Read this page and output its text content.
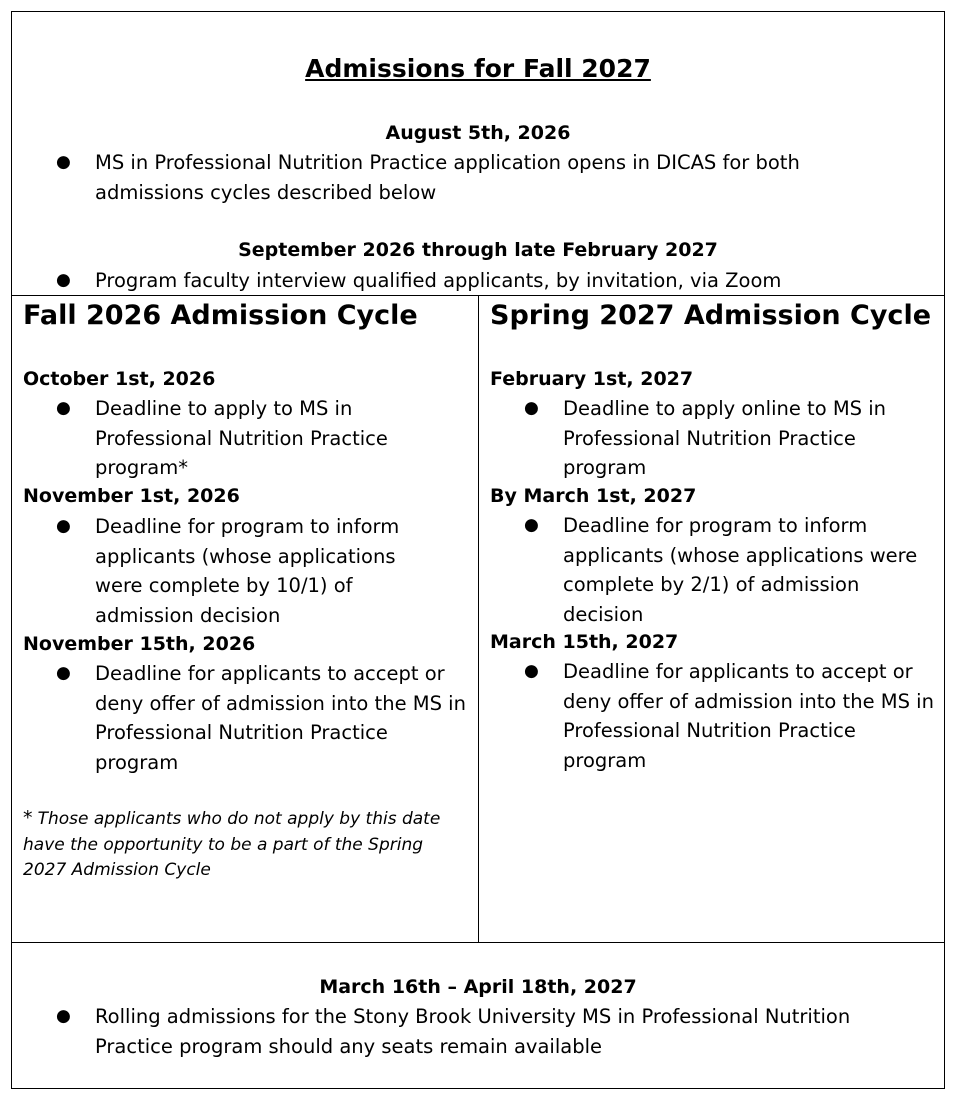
Admissions for Fall 2027
August 5th, 2026
● MS in Professional Nutrition Practice application opens in DICAS for both admissions cycles described below
September 2026 through late February 2027
● Program faculty interview qualified applicants, by invitation, via Zoom
Fall 2026 Admission Cycle
October 1st, 2026
● Deadline to apply to MS in Professional Nutrition Practice program*
November 1st, 2026
● Deadline for program to inform applicants (whose applications were complete by 10/1) of admission decision
November 15th, 2026
● Deadline for applicants to accept or deny offer of admission into the MS in Professional Nutrition Practice program
* Those applicants who do not apply by this date have the opportunity to be a part of the Spring 2027 Admission Cycle
Spring 2027 Admission Cycle
February 1st, 2027
● Deadline to apply online to MS in Professional Nutrition Practice program
By March 1st, 2027
● Deadline for program to inform applicants (whose applications were complete by 2/1) of admission decision
March 15th, 2027
● Deadline for applicants to accept or deny offer of admission into the MS in Professional Nutrition Practice program
March 16th – April 18th, 2027
● Rolling admissions for the Stony Brook University MS in Professional Nutrition Practice program should any seats remain available
